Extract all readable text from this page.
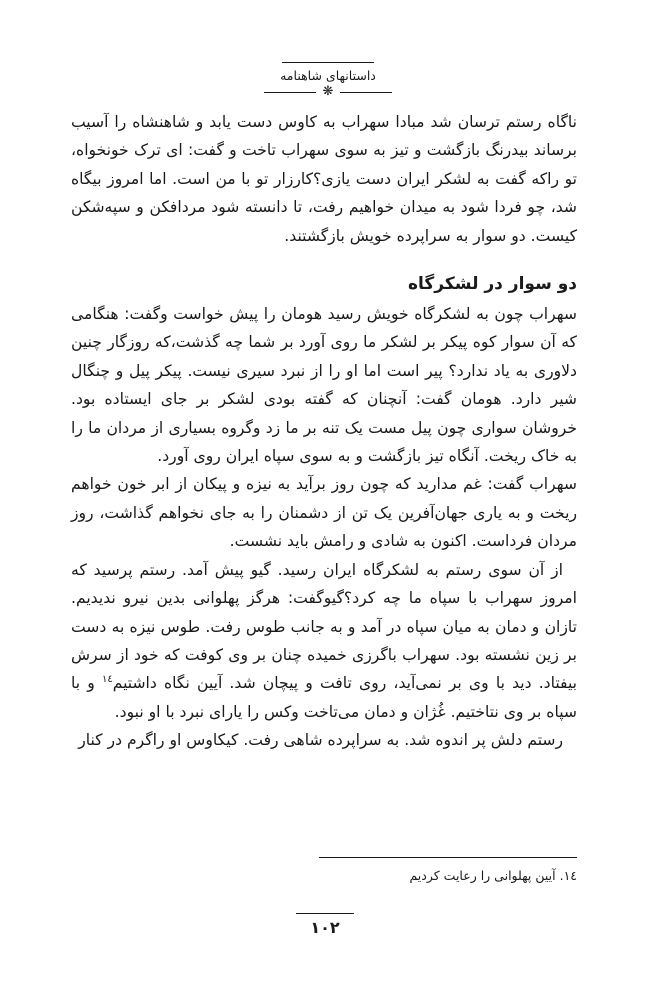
داستانهای شاهنامه
❋

ناگاه رستم ترسان شد مبادا سهراب به کاوس دست یابد و شاهنشاه را آسیب برساند بیدرنگ بازگشت و تیز به سوی سهراب تاخت و گفت: ای ترک خونخواه، تو راکه گفت به لشکر ایران دست یازی؟کارزار تو با من است. اما امروز بیگاه شد، چو فردا شود به میدان خواهیم رفت، تا دانسته شود مردافکن و سپه‌شکن کیست. دو سوار به سراپرده خویش بازگشتند.

دو سوار در لشکرگاه

سهراب چون به لشکرگاه خویش رسید هومان را پیش خواست وگفت: هنگامی که آن سوار کوه پیکر بر لشکر ما روی آورد بر شما چه گذشت،که روزگار چنین دلاوری به یاد ندارد؟ پیر است اما او را از نبرد سیری نیست. پیکر پیل و چنگال شیر دارد. هومان گفت: آنچنان که گفته بودی لشکر بر جای ایستاده بود. خروشان سواری چون پیل مست یک تنه بر ما زد وگروه بسیاری از مردان ما را به خاک ریخت. آنگاه تیز بازگشت و به سوی سپاه ایران روی آورد.

سهراب گفت: غم مدارید که چون روز برآید به نیزه و پیکان از ابر خون خواهم ریخت و به یاری جهان‌آفرین یک تن از دشمنان را به جای نخواهم گذاشت، روز مردان فرداست. اکنون به شادی و رامش باید نشست.

از آن سوی رستم به لشکرگاه ایران رسید. گیو پیش آمد. رستم پرسید که امروز سهراب با سپاه ما چه کرد؟گیوگفت: هرگز پهلوانی بدین نیرو ندیدیم. تازان و دمان به میان سپاه در آمد و به جانب طوس رفت. طوس نیزه به دست بر زین نشسته بود. سهراب باگرزی خمیده چنان بر وی کوفت که خود از سرش بیفتاد. دید با وی بر نمی‌آید، روی تافت و پیچان شد. آیین نگاه داشتیم$^{١٤}$ و با سپاه بر وی نتاختیم. غُژان و دمان می‌تاخت وکس را یارای نبرد با او نبود.

رستم دلش پر اندوه شد. به سراپرده شاهی رفت. کیکاوس او راگرم در کنار

١٤. آیین پهلوانی را رعایت کردیم
١٠٢
